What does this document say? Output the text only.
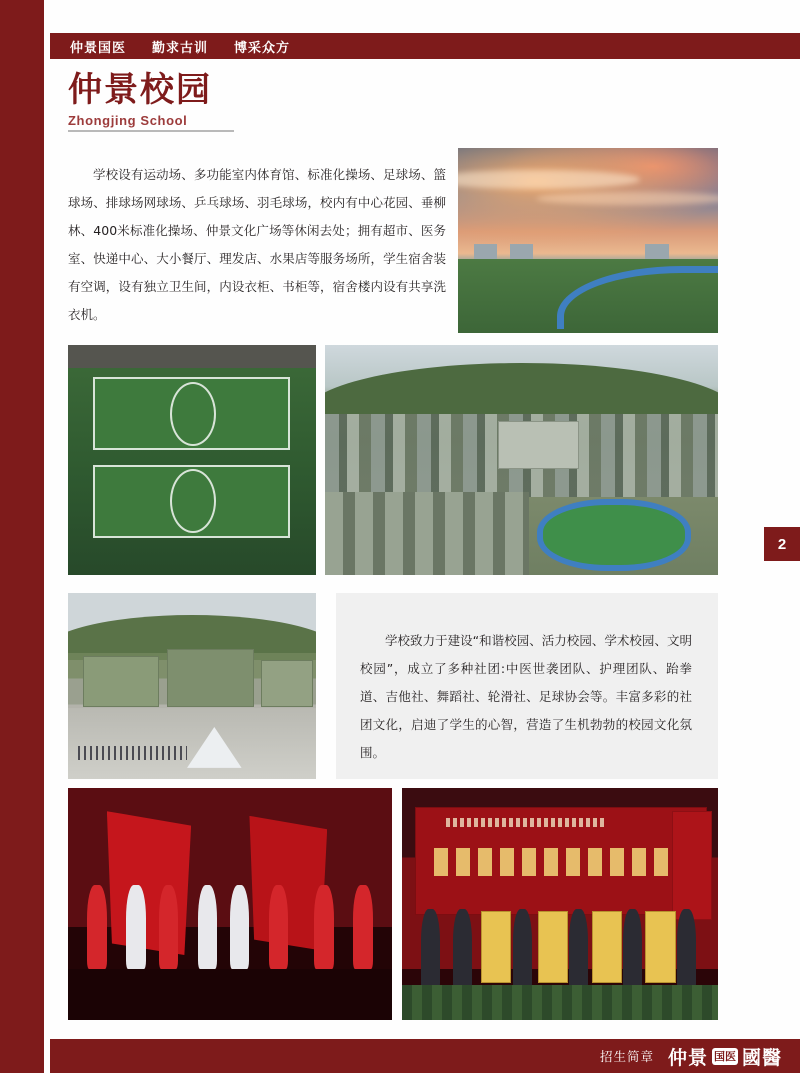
仲景国医 勤求古训 博采众方
仲景校园
Zhongjing School

学校设有运动场、多功能室内体育馆、标准化操场、足球场、篮球场、排球场网球场、乒乓球场、羽毛球场，校内有中心花园、垂柳林、400米标准化操场、仲景文化广场等休闲去处；拥有超市、医务室、快递中心、大小餐厅、理发店、水果店等服务场所，学生宿舍装有空调，设有独立卫生间，内设衣柜、书柜等，宿舍楼内设有共享洗衣机。

学校致力于建设“和谐校园、活力校园、学术校园、文明校园”，成立了多种社团:中医世袭团队、护理团队、跆拳道、吉他社、舞蹈社、轮滑社、足球协会等。丰富多彩的社团文化，启迪了学生的心智，营造了生机勃勃的校园文化氛围。

2
招生简章 仲景 国医 國醫
